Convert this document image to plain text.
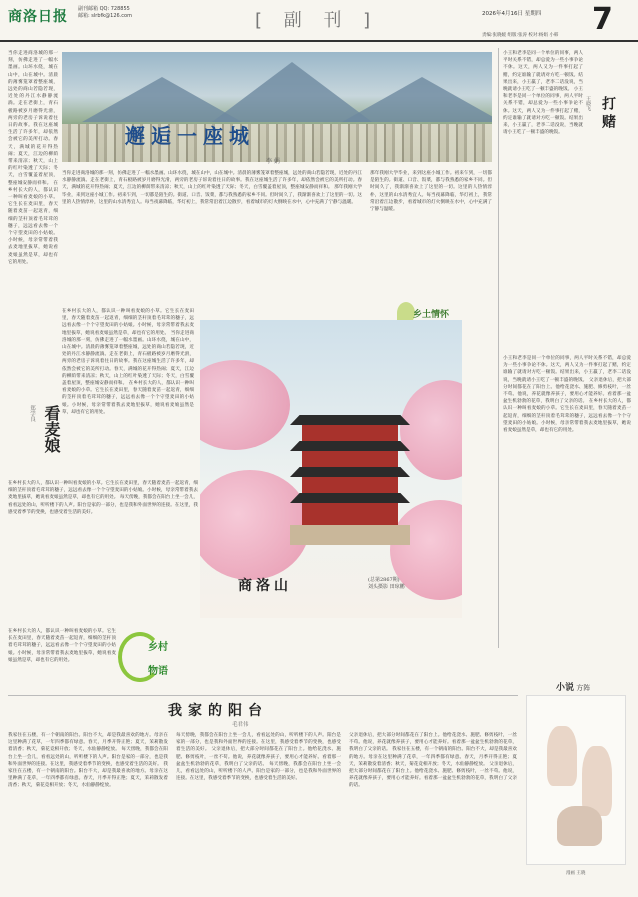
商洛日报 副刊邮箱 QQ: 728855
邮箱: slrbfk@126.com	[ 副 刊 ]	2026年4月16日 星期四 7
责编:张晓媛 组版:张涛 校对:杨娟 小韩
邂逅一座城
李 娟
当你走进商洛城的那一刻，仿佛走进了一幅水墨画。山环水绕，城在山中，山在城中。清晨的薄雾笼罩着整座城，远处的商山若隐若现，近处的丹江水静静流淌。走在老街上，青石板路被岁月磨得光滑，两旁的老房子诉说着往日的故事。我在这座城生活了许多年，却依然会被它的美所打动。春天，满城的花开得热闹；夏天，江边的柳荫带来清凉；秋天，山上的红叶染透了天际；冬天，白雪覆盖着屋顶，整座城安静而祥和。 那年我刚大学毕业，来到这座小城工作。初来乍到，一切都是陌生的。街道、口音、饭菜，都与我熟悉的家乡不同。但时间久了，我渐渐喜欢上了这里的一切。这里的人热情淳朴，这里的山水清秀宜人。每当夜幕降临，华灯初上，我常常沿着江边散步，看着城市的灯火倒映在水中，心中充满了宁静与温暖。
那年我刚大学毕业，来到这座小城工作。初来乍到，一切都是陌生的。街道、口音、饭菜，都与我熟悉的家乡不同。但时间久了，我渐渐喜欢上了这里的一切。这里的人热情淳朴，这里的山水清秀宜人。每当夜幕降临，华灯初上，我常常沿着江边散步，看着城市的灯火倒映在水中，心中充满了宁静与温暖。
乡土情怀
小王和老李是同一个单位的同事，两人平时关系不错，却总爱为一些小事争论不休。这天，两人又为一件事打起了赌，约定谁输了就请对方吃一顿饭。结果出来，小王赢了，老李二话没说，当晚就请小王吃了一顿丰盛的晚饭。 小王和老李是同一个单位的同事，两人平时关系不错，却总爱为一些小事争论不休。这天，两人又为一件事打起了赌，约定谁输了就请对方吃一顿饭。结果出来，小王赢了，老李二话没说，当晚就请小王吃了一顿丰盛的晚饭。
打赌
王晓飞
小王和老李是同一个单位的同事，两人平时关系不错，却总爱为一些小事争论不休。这天，两人又为一件事打起了赌，约定谁输了就请对方吃一顿饭。结果出来，小王赢了，老李二话没说，当晚就请小王吃了一顿丰盛的晚饭。 父亲退休后，把大部分时间都花在了阳台上。他给花浇水、施肥、修剪枝叶，一丝不苟。他说，养花就像养孩子，要用心才能养好。看着那一盆盆生机勃勃的花草，我明白了父亲的话。 在乡村长大的人，都认识一种叫看麦娘的小草。它生长在麦田里，春天随着麦苗一起返青，细细的茎秆顶着毛茸茸的穗子，远远看去像一个个守望麦田的小姑娘。小时候，母亲常带着我去麦地里拔草，她说看麦娘虽然是草，却也有它的用处。
看麦娘
郑学良
在乡村长大的人，都认识一种叫看麦娘的小草。它生长在麦田里，春天随着麦苗一起返青，细细的茎秆顶着毛茸茸的穗子，远远看去像一个个守望麦田的小姑娘。小时候，母亲常带着我去麦地里拔草，她说看麦娘虽然是草，却也有它的用处。 当你走进商洛城的那一刻，仿佛走进了一幅水墨画。山环水绕，城在山中，山在城中。清晨的薄雾笼罩着整座城，远处的商山若隐若现，近处的丹江水静静流淌。走在老街上，青石板路被岁月磨得光滑，两旁的老房子诉说着往日的故事。我在这座城生活了许多年，却依然会被它的美所打动。春天，满城的花开得热闹；夏天，江边的柳荫带来清凉；秋天，山上的红叶染透了天际；冬天，白雪覆盖着屋顶，整座城安静而祥和。 在乡村长大的人，都认识一种叫看麦娘的小草。它生长在麦田里，春天随着麦苗一起返青，细细的茎秆顶着毛茸茸的穗子，远远看去像一个个守望麦田的小姑娘。小时候，母亲常带着我去麦地里拔草，她说看麦娘虽然是草，却也有它的用处。
在乡村长大的人，都认识一种叫看麦娘的小草。它生长在麦田里，春天随着麦苗一起返青，细细的茎秆顶着毛茸茸的穗子，远远看去像一个个守望麦田的小姑娘。小时候，母亲常带着我去麦地里拔草，她说看麦娘虽然是草，却也有它的用处。 每天傍晚，我都会在阳台上坐一会儿，看看远处的山，听听楼下的人声。阳台是家的一部分，也是我和外面世界的连接。在这里，我感受着季节的变换，也感受着生活的美好。
当你走进商洛城的那一刻，仿佛走进了一幅水墨画。山环水绕，城在山中，山在城中。清晨的薄雾笼罩着整座城，远处的商山若隐若现，近处的丹江水静静流淌。走在老街上，青石板路被岁月磨得光滑，两旁的老房子诉说着往日的故事。我在这座城生活了许多年，却依然会被它的美所打动。春天，满城的花开得热闹；夏天，江边的柳荫带来清凉；秋天，山上的红叶染透了天际；冬天，白雪覆盖着屋顶，整座城安静而祥和。 在乡村长大的人，都认识一种叫看麦娘的小草。它生长在麦田里，春天随着麦苗一起返青，细细的茎秆顶着毛茸茸的穗子，远远看去像一个个守望麦田的小姑娘。小时候，母亲常带着我去麦地里拔草，她说看麦娘虽然是草，却也有它的用处。
商洛山	(总第2867期)
刘头摄影 田琼鹏
乡村
物语
在乡村长大的人，都认识一种叫看麦娘的小草。它生长在麦田里，春天随着麦苗一起返青，细细的茎秆顶着毛茸茸的穗子，远远看去像一个个守望麦田的小姑娘。小时候，母亲常带着我去麦地里拔草，她说看麦娘虽然是草，却也有它的用处。
我家的阳台
毛君伟
我家住在五楼，有一个朝南的阳台。阳台不大，却是我最喜欢的地方。母亲在这里种满了花草，一年四季都有绿意。春天，月季开得正艳；夏天，茉莉散发着清香；秋天，菊花竞相开放；冬天，水仙静静绽放。 每天傍晚，我都会在阳台上坐一会儿，看看远处的山，听听楼下的人声。阳台是家的一部分，也是我和外面世界的连接。在这里，我感受着季节的变换，也感受着生活的美好。 我家住在五楼，有一个朝南的阳台。阳台不大，却是我最喜欢的地方。母亲在这里种满了花草，一年四季都有绿意。春天，月季开得正艳；夏天，茉莉散发着清香；秋天，菊花竞相开放；冬天，水仙静静绽放。
每天傍晚，我都会在阳台上坐一会儿，看看远处的山，听听楼下的人声。阳台是家的一部分，也是我和外面世界的连接。在这里，我感受着季节的变换，也感受着生活的美好。 父亲退休后，把大部分时间都花在了阳台上。他给花浇水、施肥、修剪枝叶，一丝不苟。他说，养花就像养孩子，要用心才能养好。看着那一盆盆生机勃勃的花草，我明白了父亲的话。 每天傍晚，我都会在阳台上坐一会儿，看看远处的山，听听楼下的人声。阳台是家的一部分，也是我和外面世界的连接。在这里，我感受着季节的变换，也感受着生活的美好。
父亲退休后，把大部分时间都花在了阳台上。他给花浇水、施肥、修剪枝叶，一丝不苟。他说，养花就像养孩子，要用心才能养好。看着那一盆盆生机勃勃的花草，我明白了父亲的话。 我家住在五楼，有一个朝南的阳台。阳台不大，却是我最喜欢的地方。母亲在这里种满了花草，一年四季都有绿意。春天，月季开得正艳；夏天，茉莉散发着清香；秋天，菊花竞相开放；冬天，水仙静静绽放。 父亲退休后，把大部分时间都花在了阳台上。他给花浇水、施肥、修剪枝叶，一丝不苟。他说，养花就像养孩子，要用心才能养好。看着那一盆盆生机勃勃的花草，我明白了父亲的话。
小说 方阵
漫画 王晓
